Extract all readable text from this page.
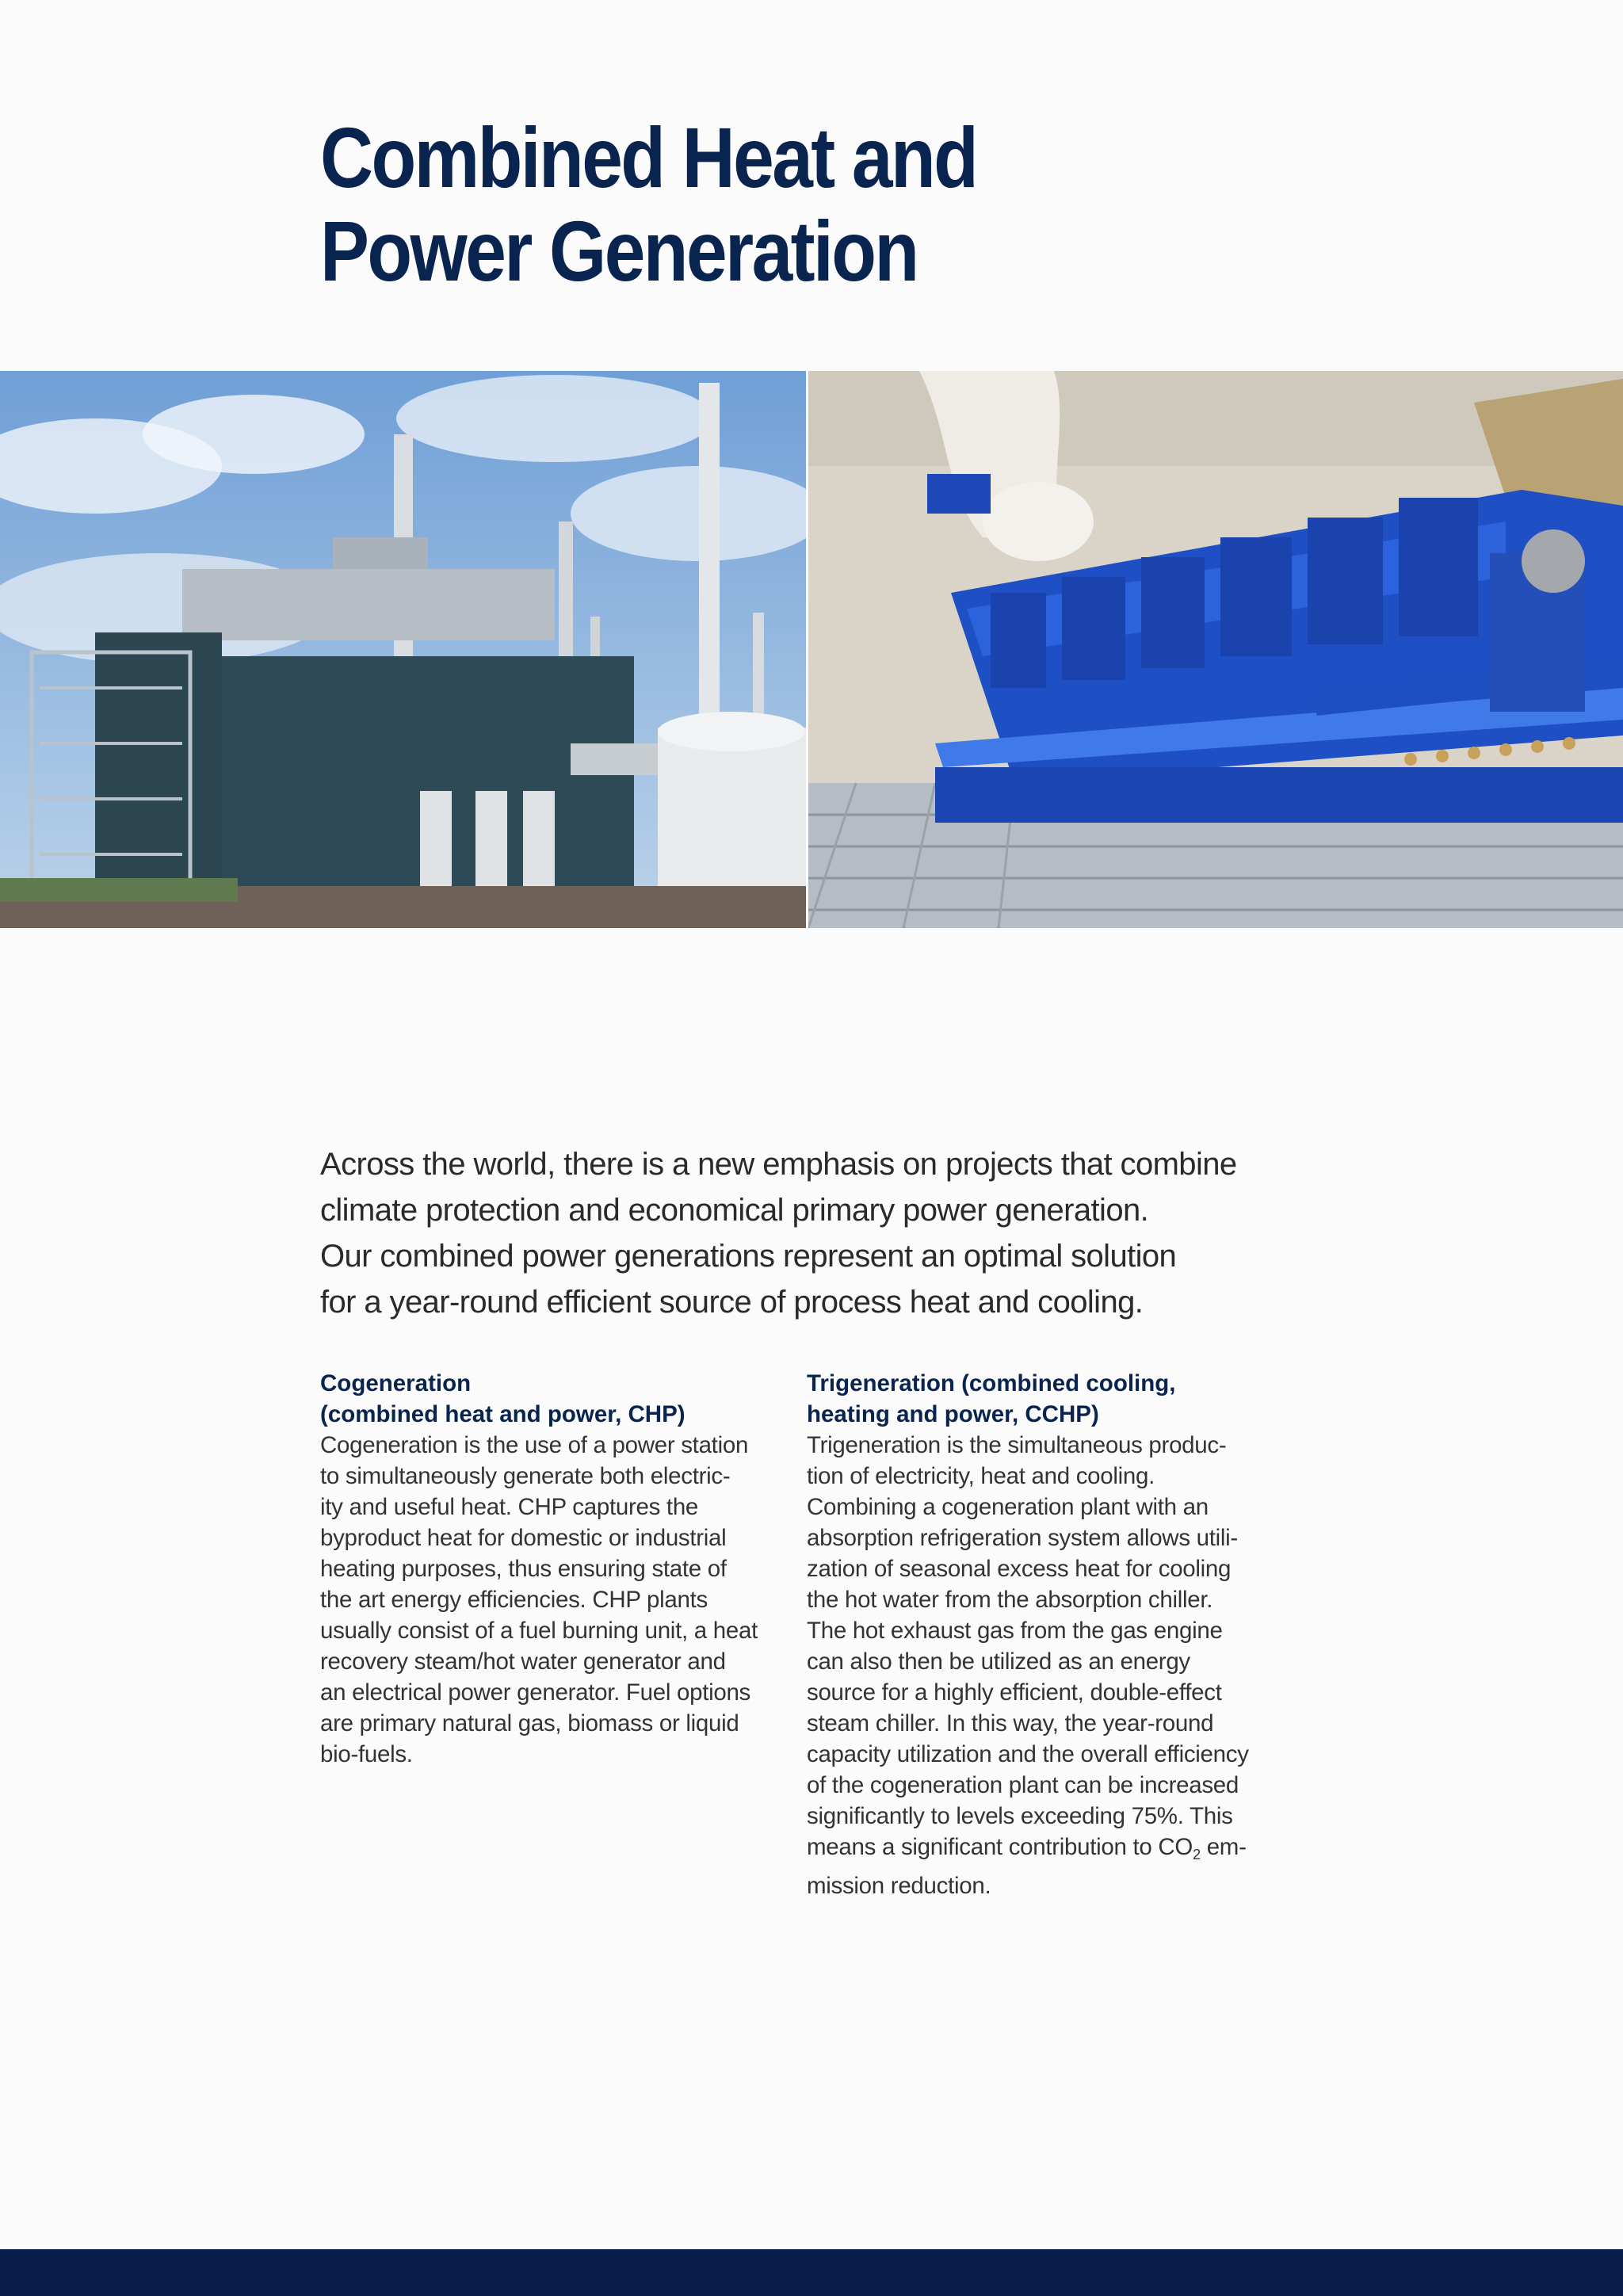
Combined Heat and
Power Generation

Across the world, there is a new emphasis on projects that combine

climate protection and economical primary power generation.

Our combined power generations represent an optimal solution

for a year-round efficient source of process heat and cooling.

Cogeneration
(combined heat and power, CHP)
Cogeneration is the use of a power station
to simultaneously generate both electric-
ity and useful heat. CHP captures the
byproduct heat for domestic or industrial
heating purposes, thus ensuring state of
the art energy efficiencies. CHP plants
usually consist of a fuel burning unit, a heat
recovery steam/hot water generator and
an electrical power generator. Fuel options
are primary natural gas, biomass or liquid
bio-fuels.
Trigeneration (combined cooling,
heating and power, CCHP)
Trigeneration is the simultaneous produc-
tion of electricity, heat and cooling.
Combining a cogeneration plant with an
absorption refrigeration system allows utili-
zation of seasonal excess heat for cooling
the hot water from the absorption chiller.
The hot exhaust gas from the gas engine
can also then be utilized as an energy
source for a highly efficient, double-effect
steam chiller. In this way, the year-round
capacity utilization and the overall efficiency
of the cogeneration plant can be increased
significantly to levels exceeding 75%. This
means a significant contribution to $CO_2$ em-
mission reduction.
